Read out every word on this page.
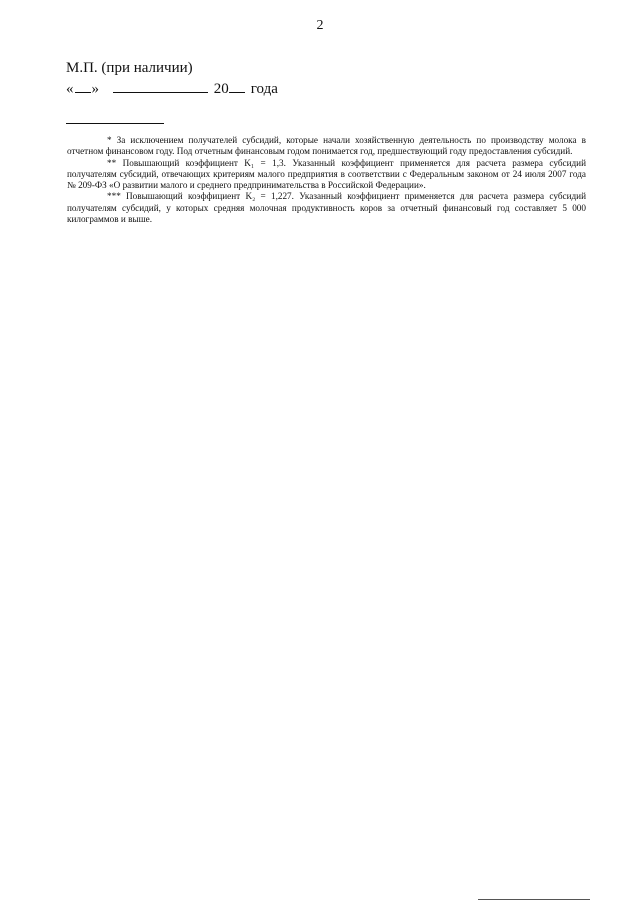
2
М.П. (при наличии)
« »	20 года

* За исключением получателей субсидий, которые начали хозяйственную деятельность по производству молока в отчетном финансовом году. Под отчетным финансовым годом понимается год, предшествующий году предоставления субсидий.

** Повышающий коэффициент K₁ = 1,3. Указанный коэффициент применяется для расчета размера субсидий получателям субсидий, отвечающих критериям малого предприятия в соответствии с Федеральным законом от 24 июля 2007 года № 209-ФЗ «О развитии малого и среднего предпринимательства в Российской Федерации».

*** Повышающий коэффициент K₂ = 1,227. Указанный коэффициент применяется для расчета размера субсидий получателям субсидий, у которых средняя молочная продуктивность коров за отчетный финансовый год составляет 5 000 килограммов и выше.
